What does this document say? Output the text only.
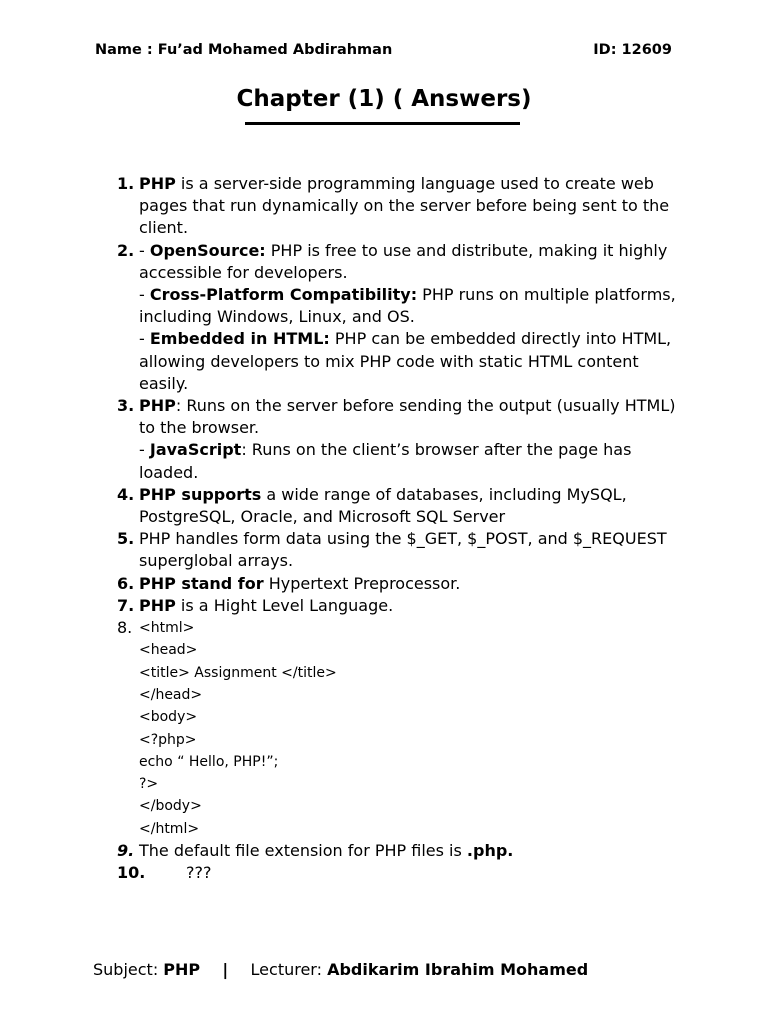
Name : Fu’ad Mohamed Abdirahman	ID: 12609
Chapter (1) ( Answers)
1. PHP is a server-side programming language used to create web pages that run dynamically on the server before being sent to the client.
2. - OpenSource: PHP is free to use and distribute, making it highly accessible for developers.
- Cross-Platform Compatibility: PHP runs on multiple platforms, including Windows, Linux, and OS.
- Embedded in HTML: PHP can be embedded directly into HTML, allowing developers to mix PHP code with static HTML content easily.
3. PHP: Runs on the server before sending the output (usually HTML) to the browser.
- JavaScript: Runs on the client’s browser after the page has loaded.
4. PHP supports a wide range of databases, including MySQL, PostgreSQL, Oracle, and Microsoft SQL Server
5. PHP handles form data using the $_GET, $_POST, and $_REQUEST superglobal arrays.
6. PHP stand for Hypertext Preprocessor.
7. PHP is a Hight Level Language.
8. <html>
<head>
<title> Assignment </title>
</head>
<body>
<?php>
echo “ Hello, PHP!”;
?>
</body>
</html>
9. The default file extension for PHP files is .php.
10.	???
Subject: PHP    |    Lecturer: Abdikarim Ibrahim Mohamed
